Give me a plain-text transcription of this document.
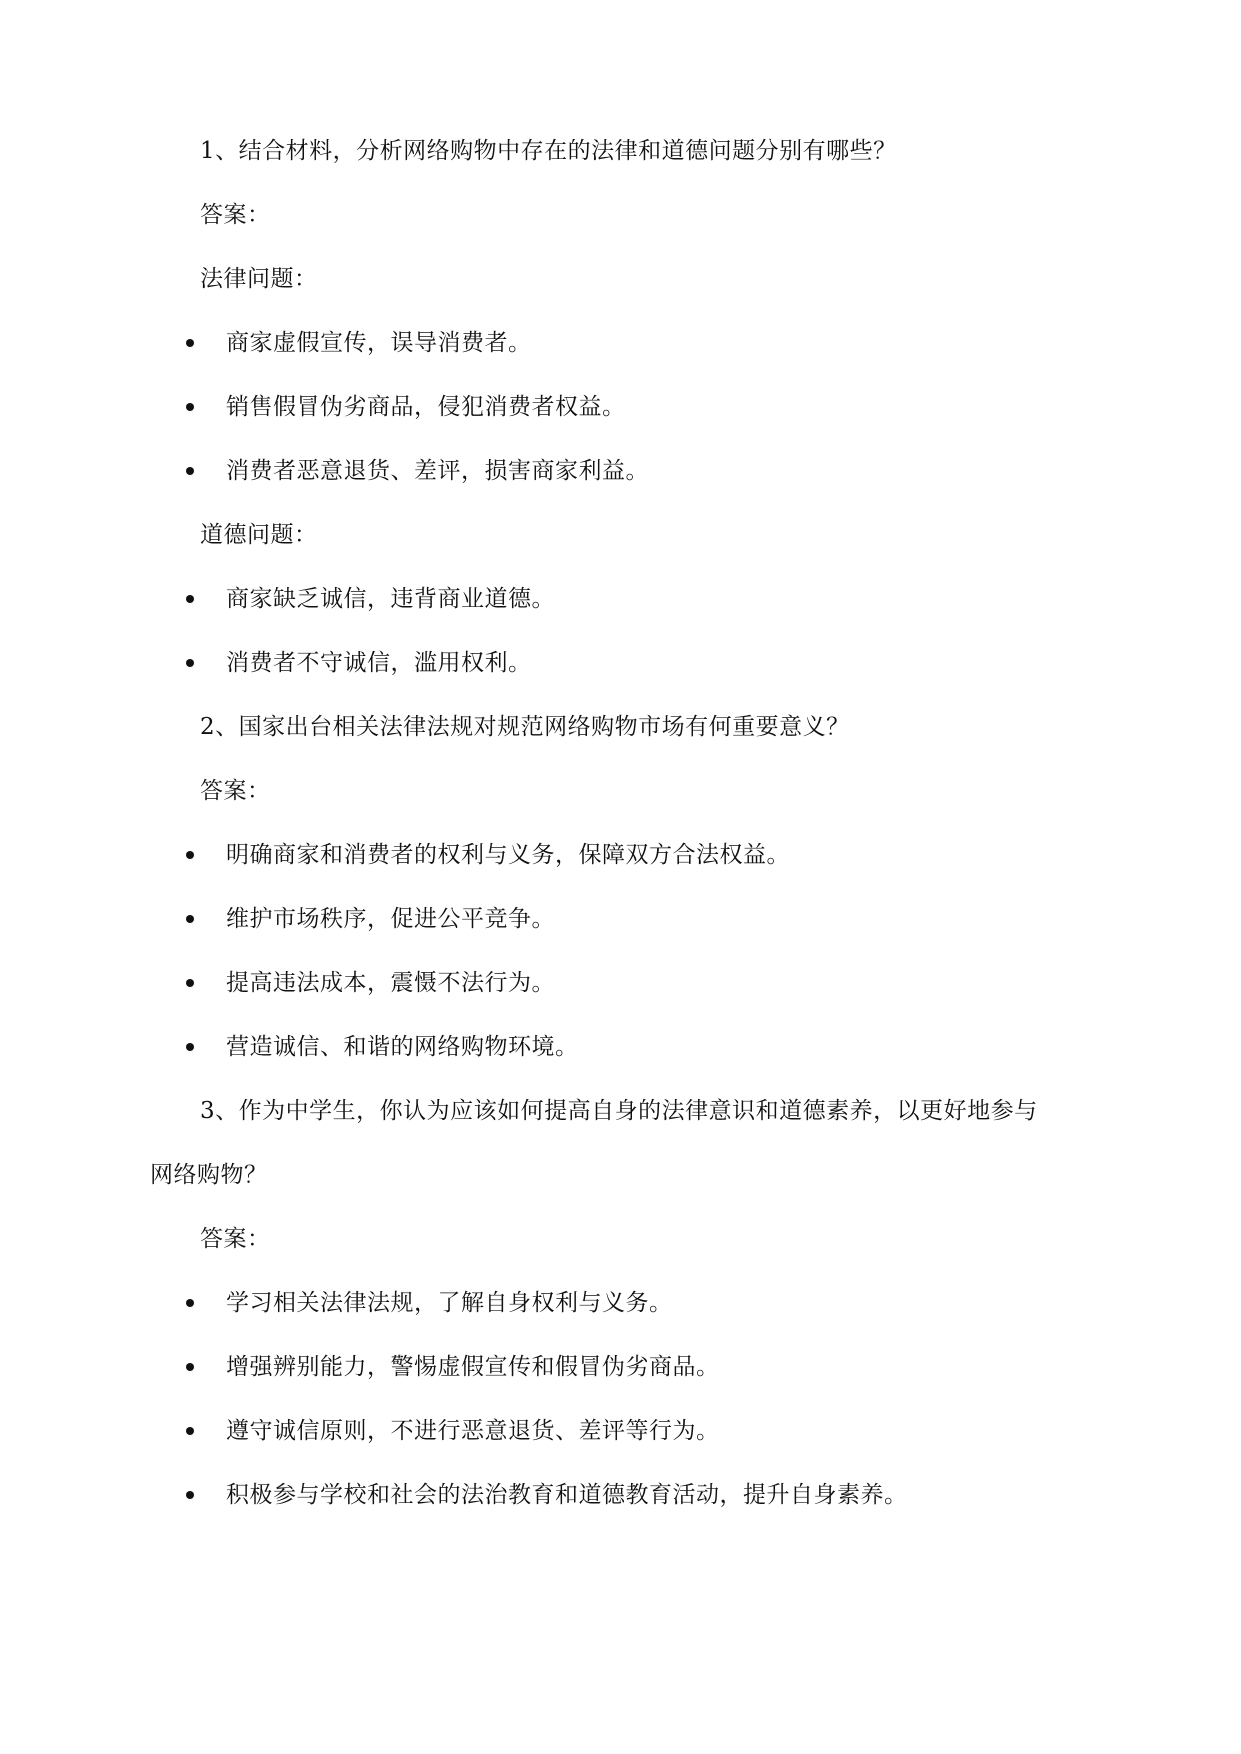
1、结合材料，分析网络购物中存在的法律和道德问题分别有哪些？
答案：
法律问题：
商家虚假宣传，误导消费者。
销售假冒伪劣商品，侵犯消费者权益。
消费者恶意退货、差评，损害商家利益。
道德问题：
商家缺乏诚信，违背商业道德。
消费者不守诚信，滥用权利。
2、国家出台相关法律法规对规范网络购物市场有何重要意义？
答案：
明确商家和消费者的权利与义务，保障双方合法权益。
维护市场秩序，促进公平竞争。
提高违法成本，震慑不法行为。
营造诚信、和谐的网络购物环境。
3、作为中学生，你认为应该如何提高自身的法律意识和道德素养，以更好地参与
网络购物？
答案：
学习相关法律法规，了解自身权利与义务。
增强辨别能力，警惕虚假宣传和假冒伪劣商品。
遵守诚信原则，不进行恶意退货、差评等行为。
积极参与学校和社会的法治教育和道德教育活动，提升自身素养。
